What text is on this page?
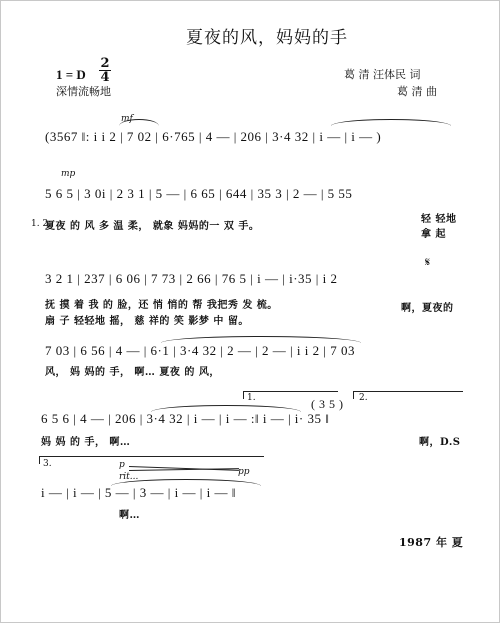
夏夜的风，妈妈的手
1 = D
2
4
深情流畅地
葛 清 汪体民 词
葛 清 曲
mf
(3567 ‖: i i 2 | 7 02 | 6·765 | 4 — | 206 | 3·4 32 | i — | i — )
mp
5 6 5 | 3 0i | 2 3 1 | 5 — | 6 65 | 644 | 35 3 | 2 — | 5 55
1. 2.
夏夜 的 风 多 温 柔， 就象 妈妈的一 双 手。
轻 轻地
拿 起
𝄋
3 2 1 | 237 | 6 06 | 7 73 | 2 66 | 76 5 | i — | i·35 | i 2
抚 摸 着 我 的 脸，还 悄 悄的 帮 我把秀 发 梳。	啊，夏夜的
扇 子 轻轻地 摇， 慈 祥的 笑 影梦 中 留。
7 03 | 6 56 | 4 — | 6·1 | 3·4 32 | 2 — | 2 — | i i 2 | 7 03
风， 妈 妈的 手， 啊… 夏夜 的 风，
1.	( 3 5 ) 2.
6 5 6 | 4 — | 206 | 3·4 32 | i — | i — :‖ i — | i· 35 ‖
妈 妈 的 手， 啊…	啊，D.S
3.	p
rit...	pp
i — | i — | 5 — | 3 — | i — | i — ‖
啊…
1987 年 夏
